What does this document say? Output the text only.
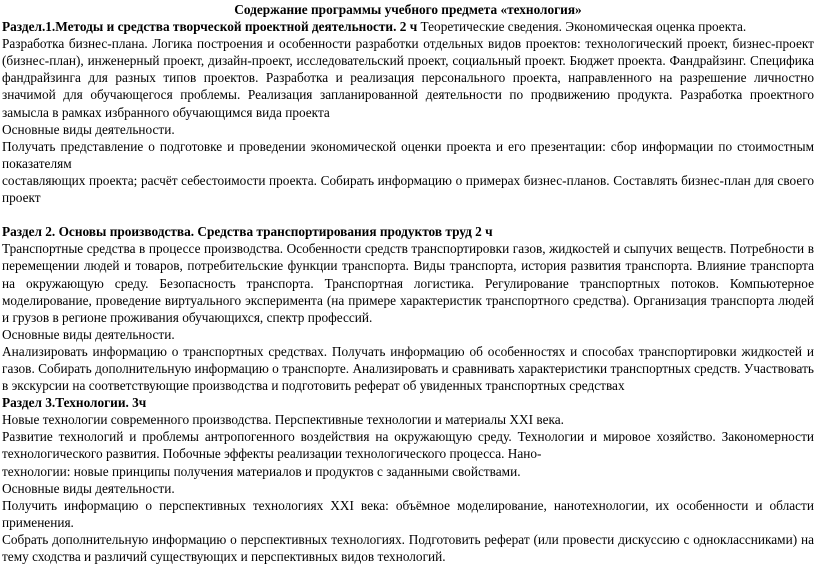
Содержание программы учебного предмета «технология»

Раздел.1.Методы и средства творческой проектной деятельности. 2 ч Теоретические сведения. Экономическая оценка проекта.

Разработка бизнес-плана. Логика построения и особенности разработки отдельных видов проектов: технологический проект, бизнес-проект (бизнес-план), инженерный проект, дизайн-проект, исследовательский проект, социальный проект. Бюджет проекта. Фандрайзинг. Специфика фандрайзинга для разных типов проектов. Разработка и реализация персонального проекта, направленного на разрешение личностно значимой для обучающегося проблемы. Реализация запланированной деятельности по продвижению продукта. Разработка проектного замысла в рамках избранного обучающимся вида проекта

Основные виды деятельности.

Получать представление о подготовке и проведении экономической оценки проекта и его презентации: сбор информации по стоимостным показателям

составляющих проекта; расчёт себестоимости проекта. Собирать информацию о примерах бизнес-планов. Составлять бизнес-план для своего проект

Раздел 2. Основы производства. Средства транспортирования продуктов труд 2 ч

Транспортные средства в процессе производства. Особенности средств транспортировки газов, жидкостей и сыпучих веществ. Потребности в перемещении людей и товаров, потребительские функции транспорта. Виды транспорта, история развития транспорта. Влияние транспорта на окружающую среду. Безопасность транспорта. Транспортная логистика. Регулирование транспортных потоков. Компьютерное моделирование, проведение виртуального эксперимента (на примере характеристик транспортного средства). Организация транспорта людей и грузов в регионе проживания обучающихся, спектр профессий.

Основные виды деятельности.

Анализировать информацию о транспортных средствах. Получать информацию об особенностях и способах транспортировки жидкостей и газов. Собирать дополнительную информацию о транспорте. Анализировать и сравнивать характеристики транспортных средств. Участвовать в экскурсии на соответствующие производства и подготовить реферат об увиденных транспортных средствах

Раздел 3.Технологии. 3ч

Новые технологии современного производства. Перспективные технологии и материалы XXI века.

Развитие технологий и проблемы антропогенного воздействия на окружающую среду. Технологии и мировое хозяйство. Закономерности технологического развития. Побочные эффекты реализации технологического процесса. Нано-

технологии: новые принципы получения материалов и продуктов с заданными свойствами.

Основные виды деятельности.

Получить информацию о перспективных технологиях XXI века: объёмное моделирование, нанотехнологии, их особенности и области применения.

Собрать дополнительную информацию о перспективных технологиях. Подготовить реферат (или провести дискуссию с одноклассниками) на тему сходства и различий существующих и перспективных видов технологий.
